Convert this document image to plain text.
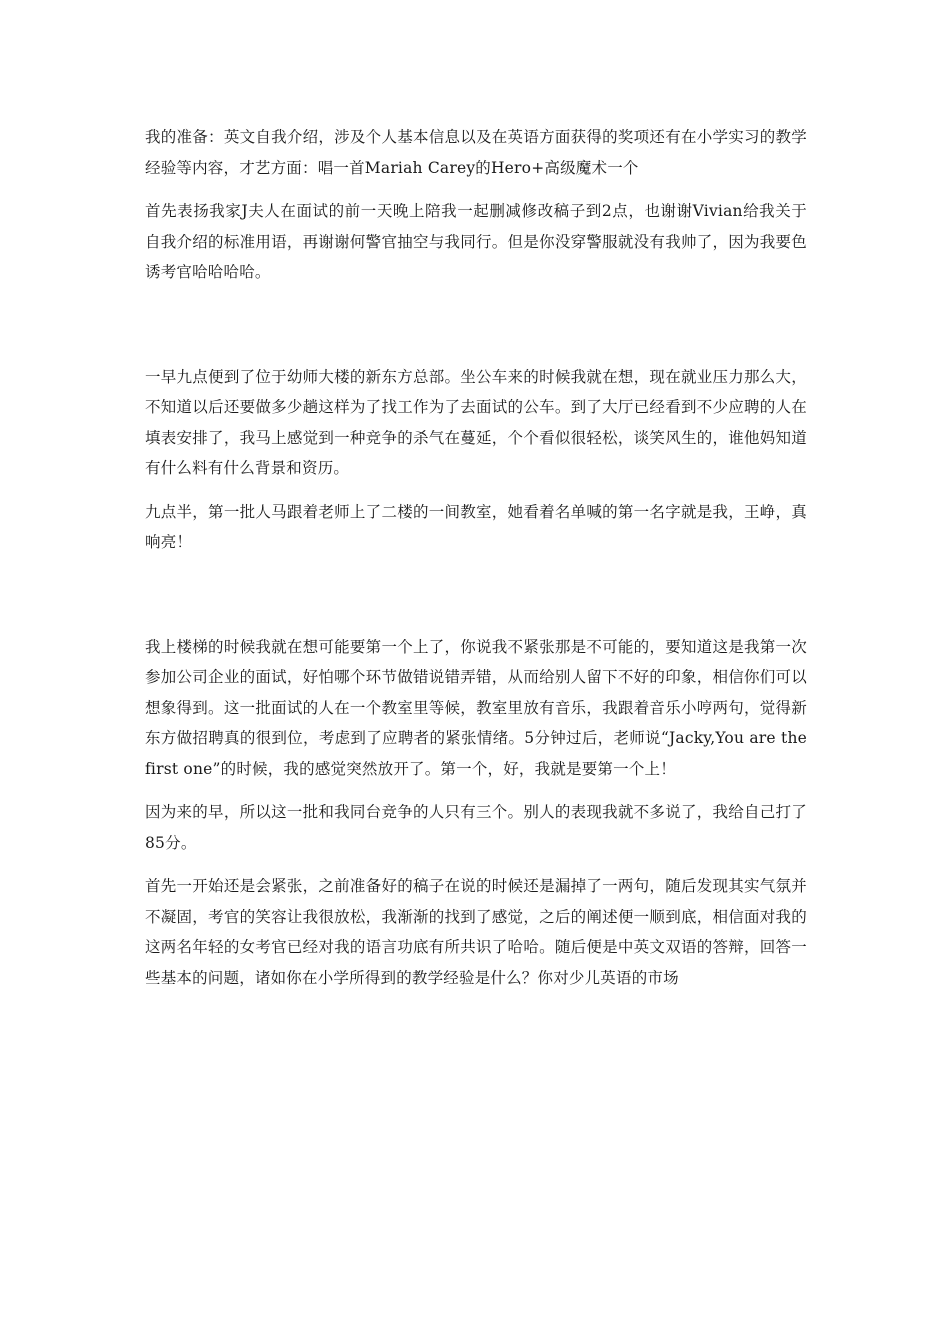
我的准备：英文自我介绍，涉及个人基本信息以及在英语方面获得的奖项还有在小学实习的教学经验等内容，才艺方面：唱一首Mariah Carey的Hero+高级魔术一个

首先表扬我家J夫人在面试的前一天晚上陪我一起删减修改稿子到2点，也谢谢Vivian给我关于自我介绍的标准用语，再谢谢何警官抽空与我同行。但是你没穿警服就没有我帅了，因为我要色诱考官哈哈哈哈。

一早九点便到了位于幼师大楼的新东方总部。坐公车来的时候我就在想，现在就业压力那么大，不知道以后还要做多少趟这样为了找工作为了去面试的公车。到了大厅已经看到不少应聘的人在填表安排了，我马上感觉到一种竞争的杀气在蔓延，个个看似很轻松，谈笑风生的，谁他妈知道有什么料有什么背景和资历。

九点半，第一批人马跟着老师上了二楼的一间教室，她看着名单喊的第一名字就是我，王峥，真响亮！

我上楼梯的时候我就在想可能要第一个上了，你说我不紧张那是不可能的，要知道这是我第一次参加公司企业的面试，好怕哪个环节做错说错弄错，从而给别人留下不好的印象，相信你们可以想象得到。这一批面试的人在一个教室里等候，教室里放有音乐，我跟着音乐小哼两句，觉得新东方做招聘真的很到位，考虑到了应聘者的紧张情绪。5分钟过后，老师说“Jacky,You are the first one”的时候，我的感觉突然放开了。第一个，好，我就是要第一个上！

因为来的早，所以这一批和我同台竞争的人只有三个。别人的表现我就不多说了，我给自己打了85分。

首先一开始还是会紧张，之前准备好的稿子在说的时候还是漏掉了一两句，随后发现其实气氛并不凝固，考官的笑容让我很放松，我渐渐的找到了感觉，之后的阐述便一顺到底，相信面对我的这两名年轻的女考官已经对我的语言功底有所共识了哈哈。随后便是中英文双语的答辩，回答一些基本的问题，诸如你在小学所得到的教学经验是什么？你对少儿英语的市场
